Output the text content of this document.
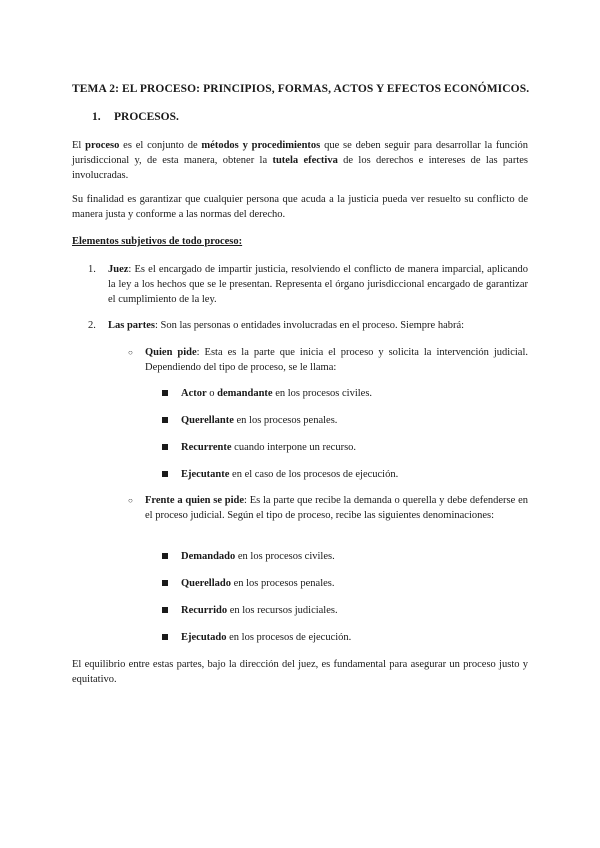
TEMA 2: EL PROCESO: PRINCIPIOS, FORMAS, ACTOS Y EFECTOS ECONÓMICOS.
1. PROCESOS.
El proceso es el conjunto de métodos y procedimientos que se deben seguir para desarrollar la función jurisdiccional y, de esta manera, obtener la tutela efectiva de los derechos e intereses de las partes involucradas.
Su finalidad es garantizar que cualquier persona que acuda a la justicia pueda ver resuelto su conflicto de manera justa y conforme a las normas del derecho.
Elementos subjetivos de todo proceso:
1. Juez: Es el encargado de impartir justicia, resolviendo el conflicto de manera imparcial, aplicando la ley a los hechos que se le presentan. Representa el órgano jurisdiccional encargado de garantizar el cumplimiento de la ley.
2. Las partes: Son las personas o entidades involucradas en el proceso. Siempre habrá:
○ Quien pide: Esta es la parte que inicia el proceso y solicita la intervención judicial. Dependiendo del tipo de proceso, se le llama:
Actor o demandante en los procesos civiles.
Querellante en los procesos penales.
Recurrente cuando interpone un recurso.
Ejecutante en el caso de los procesos de ejecución.
○ Frente a quien se pide: Es la parte que recibe la demanda o querella y debe defenderse en el proceso judicial. Según el tipo de proceso, recibe las siguientes denominaciones:
Demandado en los procesos civiles.
Querellado en los procesos penales.
Recurrido en los recursos judiciales.
Ejecutado en los procesos de ejecución.
El equilibrio entre estas partes, bajo la dirección del juez, es fundamental para asegurar un proceso justo y equitativo.
